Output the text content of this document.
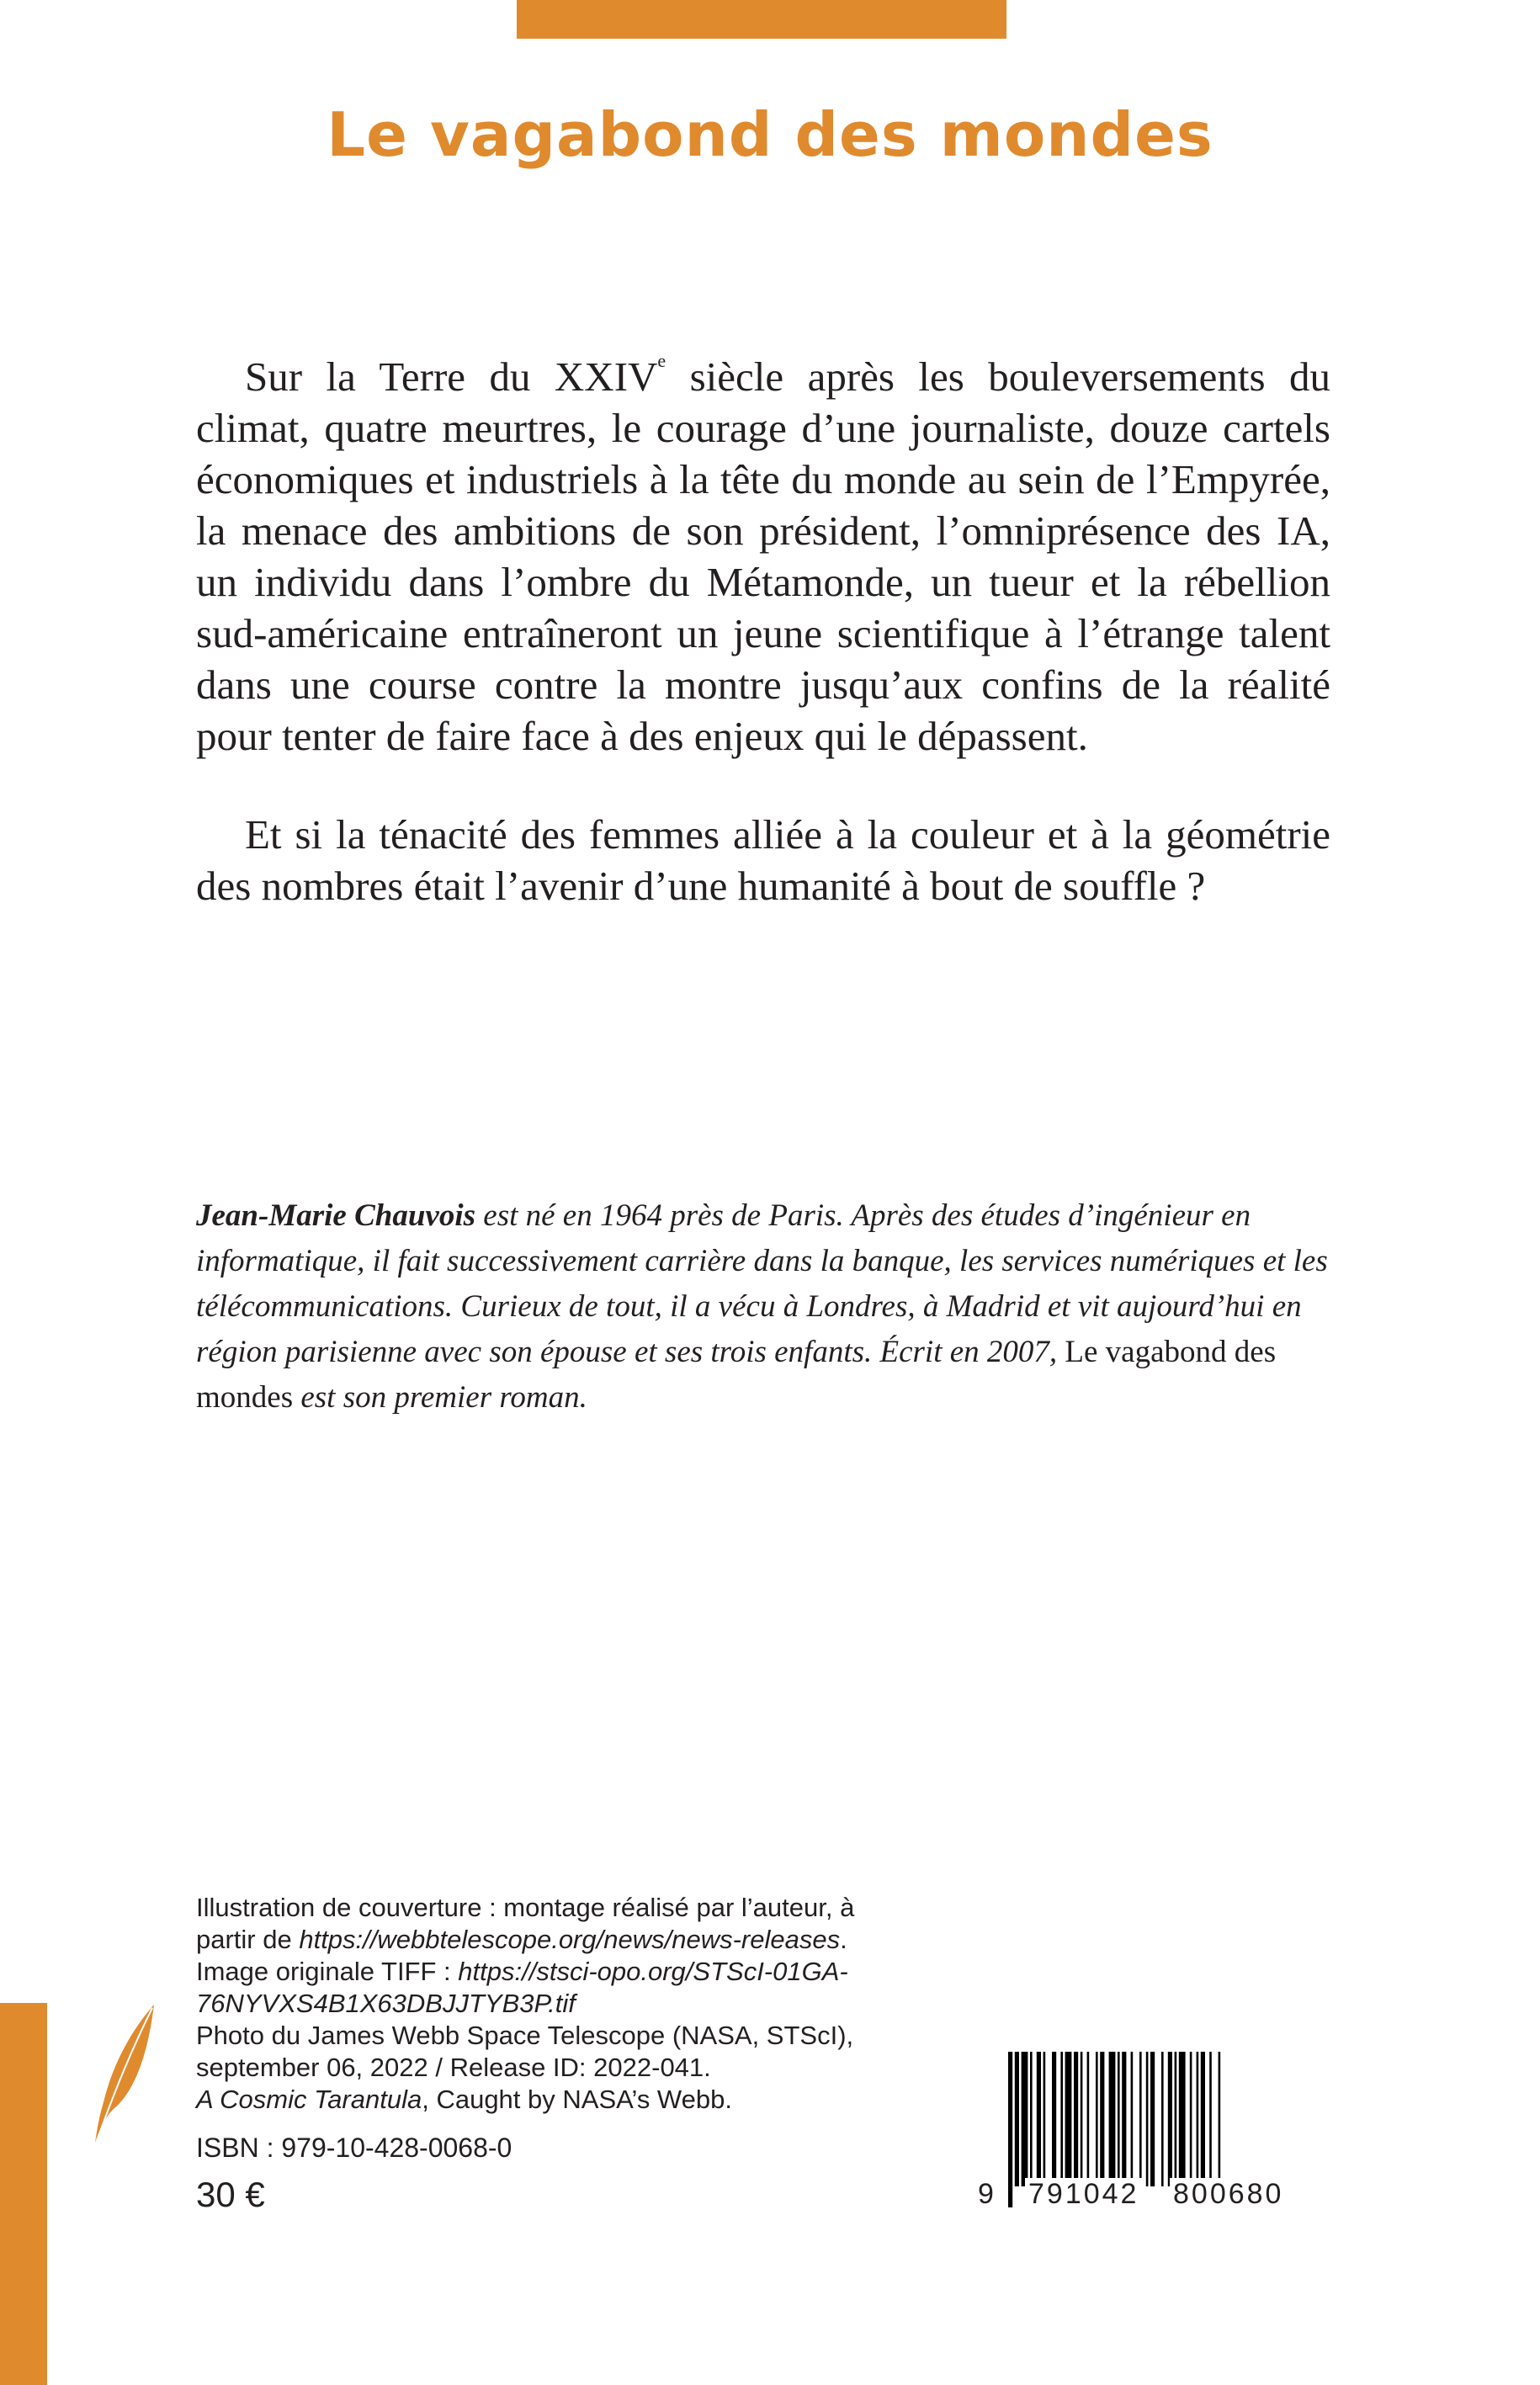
Le vagabond des mondes

Sur la Terre du XXIVe siècle après les bouleversements du climat, quatre meurtres, le courage d’une journaliste, douze cartels économiques et industriels à la tête du monde au sein de l’Empyrée, la menace des ambitions de son président, l’omniprésence des IA, un individu dans l’ombre du Métamonde, un tueur et la rébellion sud-américaine entraîneront un jeune scientifique à l’étrange talent dans une course contre la montre jusqu’aux confins de la réalité pour tenter de faire face à des enjeux qui le dépassent.

Et si la ténacité des femmes alliée à la couleur et à la géométrie des nombres était l’avenir d’une humanité à bout de souffle ?

Jean-Marie Chauvois est né en 1964 près de Paris. Après des études d’ingénieur en informatique, il fait successivement carrière dans la banque, les services numériques et les télécommunications. Curieux de tout, il a vécu à Londres, à Madrid et vit aujourd’hui en région parisienne avec son épouse et ses trois enfants. Écrit en 2007, Le vagabond des mondes est son premier roman.

Illustration de couverture : montage réalisé par l’auteur, à
partir de https://webbtelescope.org/news/news-releases.
Image originale TIFF : https://stsci-opo.org/STScI-01GA-
76NYVXS4B1X63DBJJTYB3P.tif
Photo du James Webb Space Telescope (NASA, STScI),
september 06, 2022 / Release ID: 2022-041.
A Cosmic Tarantula, Caught by NASA’s Webb.
ISBN : 979-10-428-0068-0
30 €	9 791042 800680
